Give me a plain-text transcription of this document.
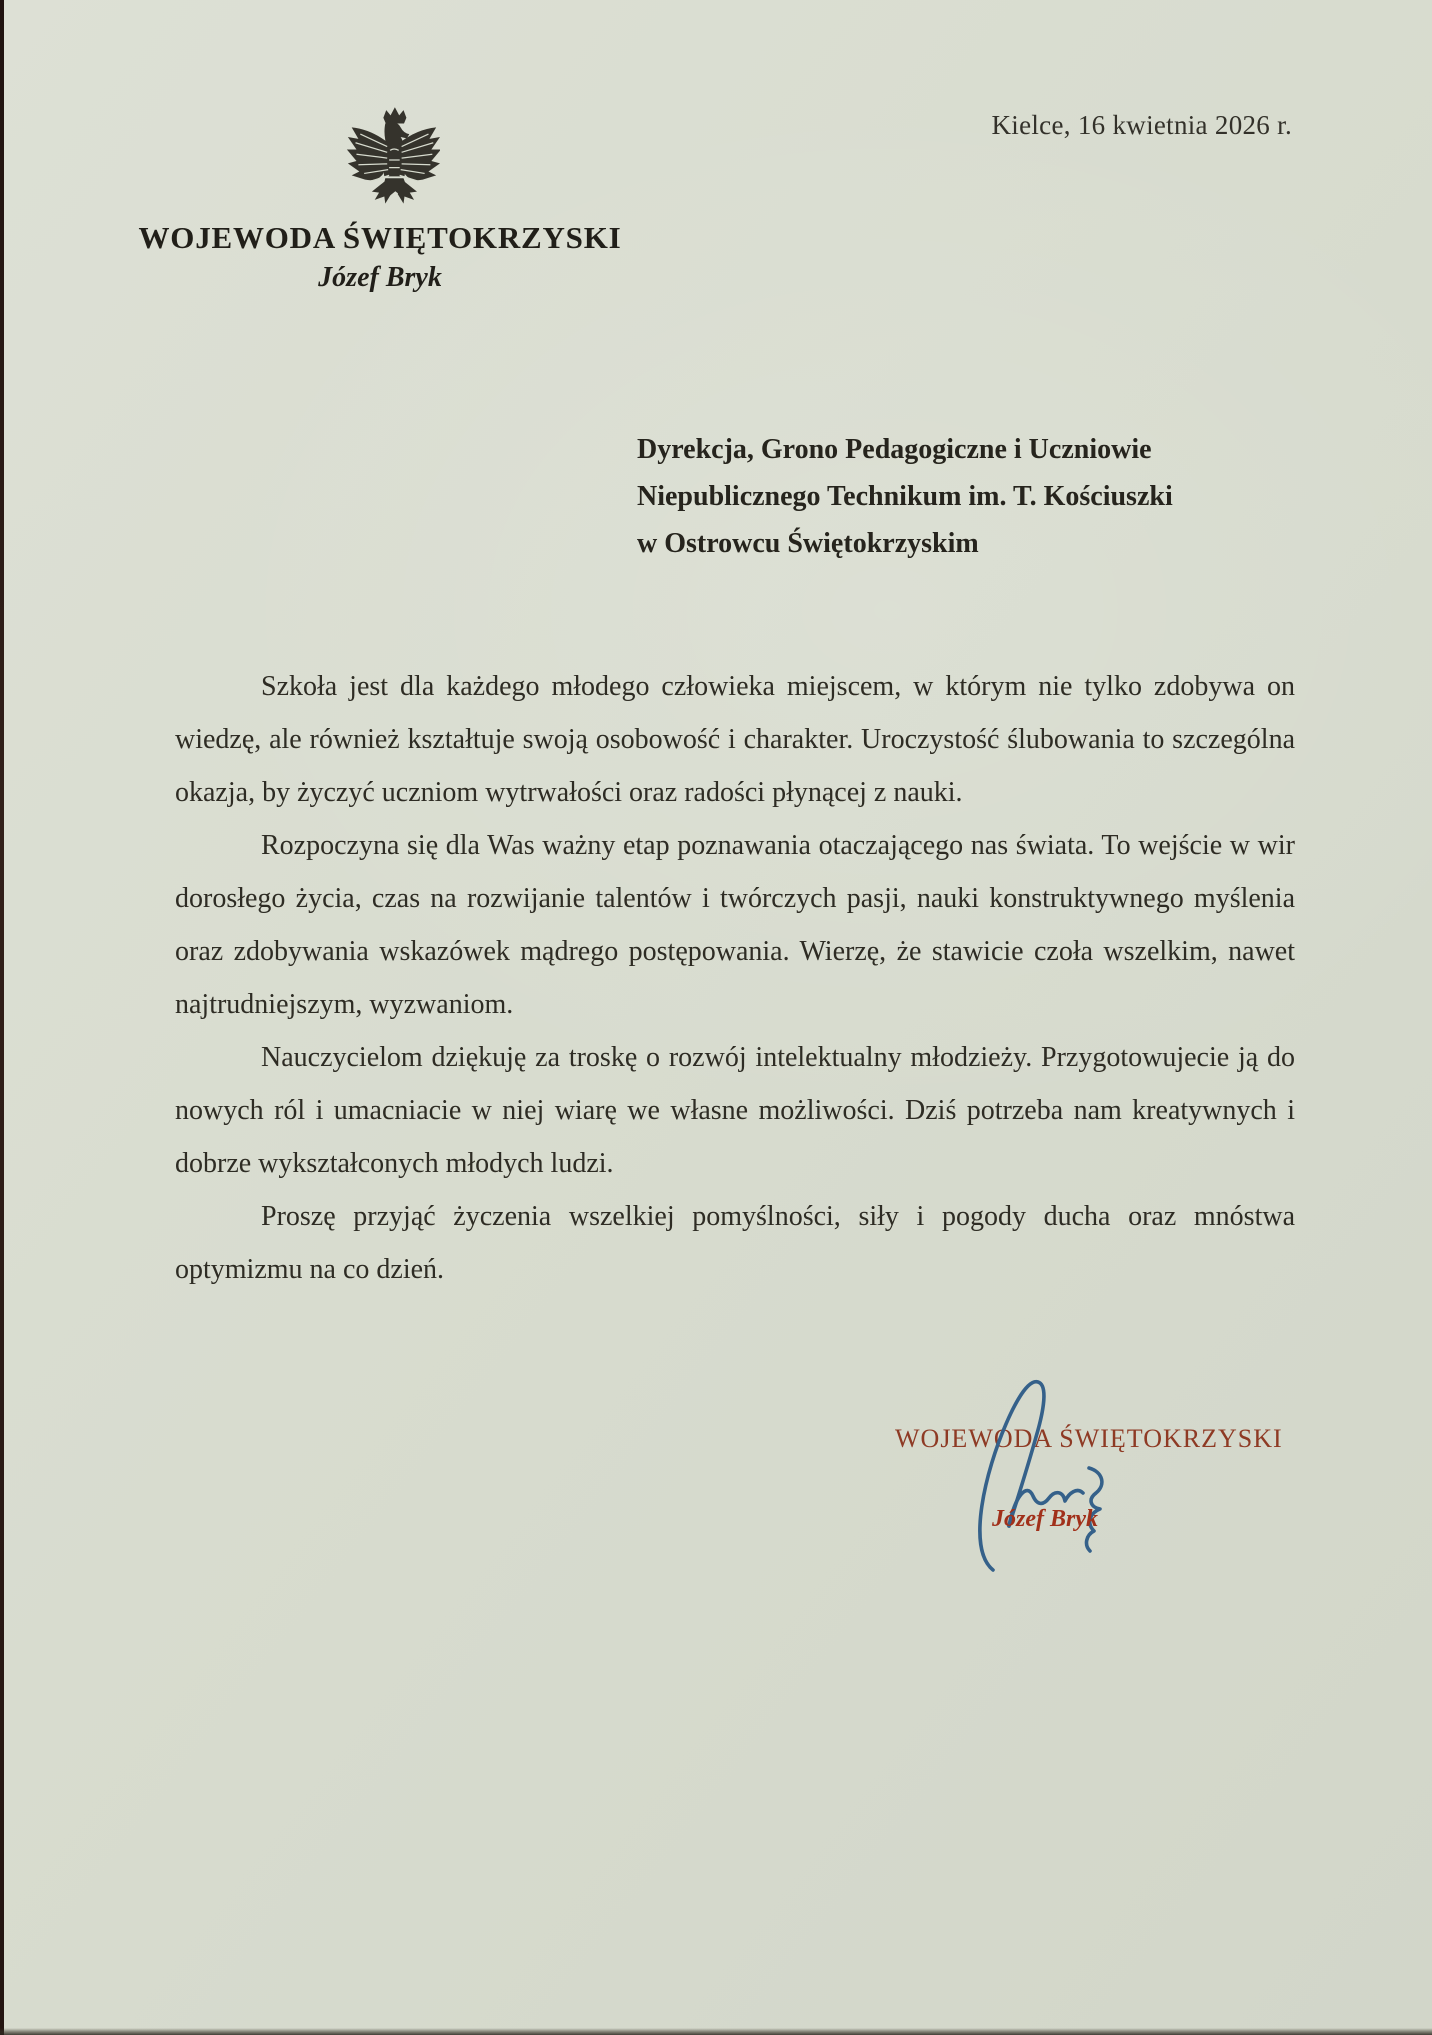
Kielce, 16 kwietnia 2026 r.
WOJEWODA ŚWIĘTOKRZYSKI
Józef Bryk
Dyrekcja, Grono Pedagogiczne i Uczniowie
Niepublicznego Technikum im. T. Kościuszki
w Ostrowcu Świętokrzyskim

Szkoła jest dla każdego młodego człowieka miejscem, w którym nie tylko zdobywa on wiedzę, ale również kształtuje swoją osobowość i charakter. Uroczystość ślubowania to szczególna okazja, by życzyć uczniom wytrwałości oraz radości płynącej z nauki.

Rozpoczyna się dla Was ważny etap poznawania otaczającego nas świata. To wejście w wir dorosłego życia, czas na rozwijanie talentów i twórczych pasji, nauki konstruktywnego myślenia oraz zdobywania wskazówek mądrego postępowania. Wierzę, że stawicie czoła wszelkim, nawet najtrudniejszym, wyzwaniom.

Nauczycielom dziękuję za troskę o rozwój intelektualny młodzieży. Przygotowujecie ją do nowych ról i umacniacie w niej wiarę we własne możliwości. Dziś potrzeba nam kreatywnych i dobrze wykształconych młodych ludzi.

Proszę przyjąć życzenia wszelkiej pomyślności, siły i pogody ducha oraz mnóstwa optymizmu na co dzień.

WOJEWODA ŚWIĘTOKRZYSKI
Józef Bryk
